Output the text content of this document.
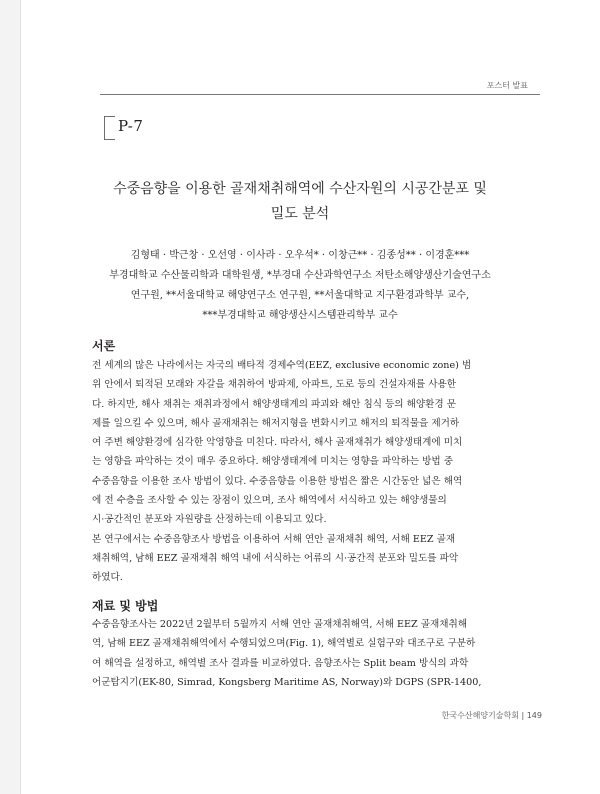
포스터 발표
P-7
수중음향을 이용한 골재채취해역에 수산자원의 시공간분포 및
밀도 분석
김형태 · 박근창 · 오선영 · 이사라 · 오우석* · 이창근** · 김종성** · 이경훈***
부경대학교 수산물리학과 대학원생, *부경대 수산과학연구소 저탄소해양생산기술연구소
연구원, **서울대학교 해양연구소 연구원, **서울대학교 지구환경과학부 교수,
***부경대학교 해양생산시스템관리학부 교수
서론
전 세계의 많은 나라에서는 자국의 배타적 경제수역(EEZ, exclusive economic zone) 범
위 안에서 퇴적된 모래와 자갈을 채취하여 방파제, 아파트, 도로 등의 건설자재를 사용한
다. 하지만, 해사 채취는 채취과정에서 해양생태계의 파괴와 해안 침식 등의 해양환경 문
제를 일으킬 수 있으며, 해사 골재채취는 해저지형을 변화시키고 해저의 퇴적물을 제거하
여 주변 해양환경에 심각한 악영향을 미친다. 따라서, 해사 골재채취가 해양생태계에 미치
는 영향을 파악하는 것이 매우 중요하다. 해양생태계에 미치는 영향을 파악하는 방법 중
수중음향을 이용한 조사 방법이 있다. 수중음향을 이용한 방법은 짧은 시간동안 넓은 해역
에 전 수층을 조사할 수 있는 장점이 있으며, 조사 해역에서 서식하고 있는 해양생물의
시·공간적인 분포와 자원량을 산정하는데 이용되고 있다.
본 연구에서는 수중음향조사 방법을 이용하여 서해 연안 골재채취 해역, 서해 EEZ 골재
채취해역, 남해 EEZ 골재채취 해역 내에 서식하는 어류의 시·공간적 분포와 밀도를 파악
하였다.
재료 및 방법
수중음향조사는 2022년 2월부터 5월까지 서해 연안 골재채취해역, 서해 EEZ 골재채취해
역, 남해 EEZ 골재채취해역에서 수행되었으며(Fig. 1), 해역별로 실험구와 대조구로 구분하
여 해역을 설정하고, 해역별 조사 결과를 비교하였다. 음향조사는 Split beam 방식의 과학
어군탐지기(EK-80, Simrad, Kongsberg Maritime AS, Norway)와 DGPS (SPR-1400,
한국수산해양기술학회 | 149
